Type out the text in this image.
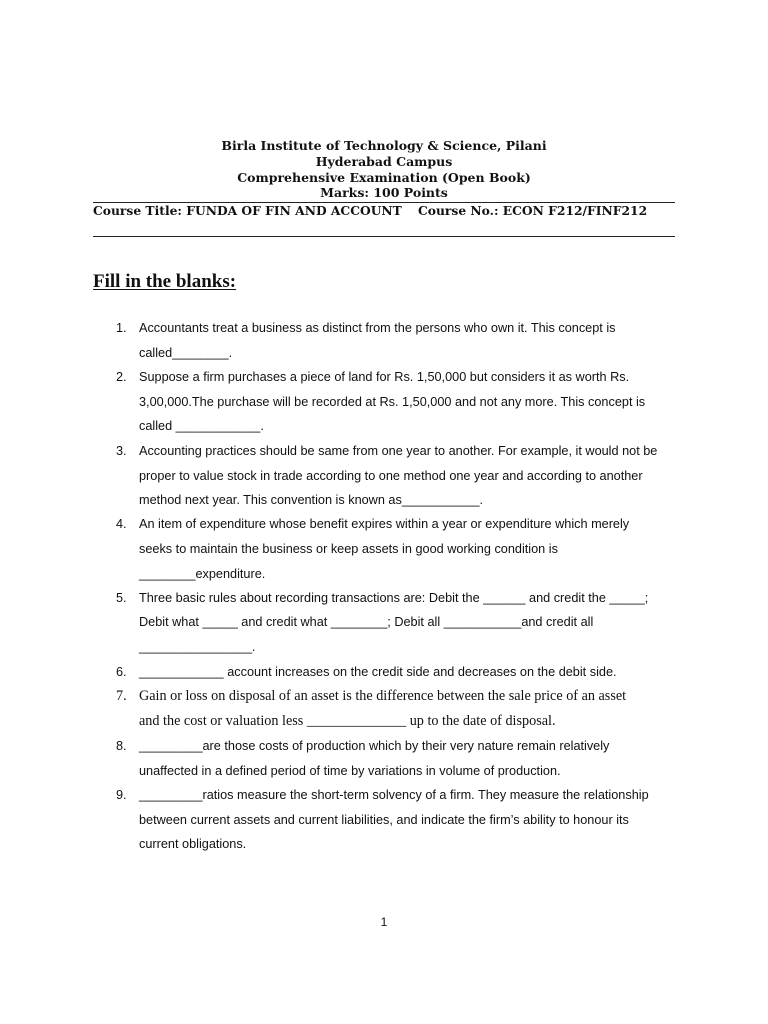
Birla Institute of Technology & Science, Pilani
Hyderabad Campus
Comprehensive Examination (Open Book)
Marks: 100 Points
Course Title: FUNDA OF FIN AND ACCOUNT Course No.: ECON F212/FINF212
Fill in the blanks:
1. Accountants treat a business as distinct from the persons who own it. This concept is
called________.
2. Suppose a firm purchases a piece of land for Rs. 1,50,000 but considers it as worth Rs.
3,00,000.The purchase will be recorded at Rs. 1,50,000 and not any more. This concept is
called ____________.
3. Accounting practices should be same from one year to another. For example, it would not be
proper to value stock in trade according to one method one year and according to another
method next year. This convention is known as___________.
4. An item of expenditure whose benefit expires within a year or expenditure which merely
seeks to maintain the business or keep assets in good working condition is
________expenditure.
5. Three basic rules about recording transactions are: Debit the ______ and credit the _____;
Debit what _____ and credit what ________; Debit all ___________and credit all
________________.
6. ____________ account increases on the credit side and decreases on the debit side.
7. Gain or loss on disposal of an asset is the difference between the sale price of an asset
and the cost or valuation less ______________ up to the date of disposal.
8. _________are those costs of production which by their very nature remain relatively
unaffected in a defined period of time by variations in volume of production.
9. _________ratios measure the short-term solvency of a firm. They measure the relationship
between current assets and current liabilities, and indicate the firm’s ability to honour its
current obligations.
1
